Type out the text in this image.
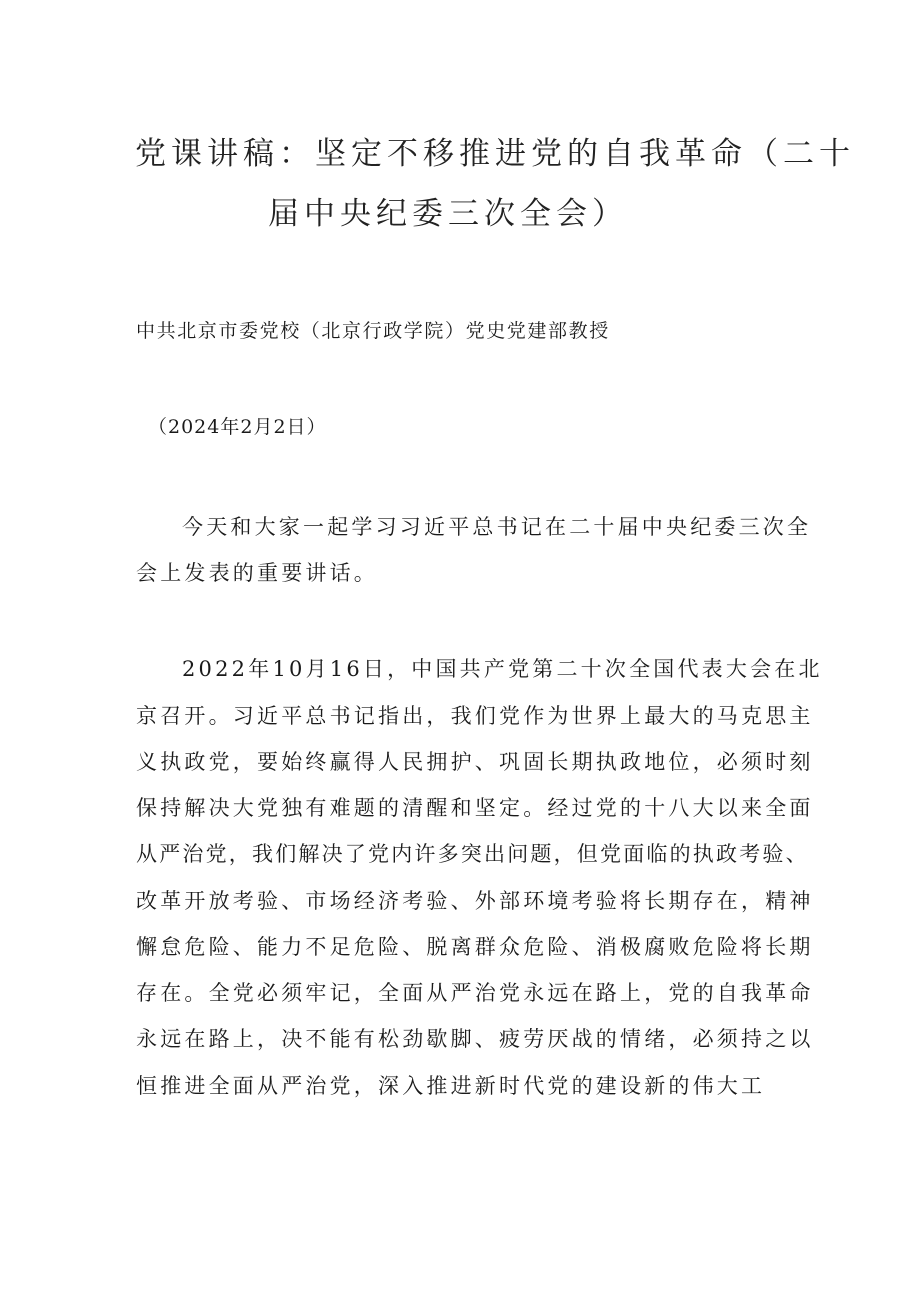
党课讲稿：坚定不移推进党的自我革命（二十
届中央纪委三次全会）
中共北京市委党校（北京行政学院）党史党建部教授
（2024年2月2日）
今天和大家一起学习习近平总书记在二十届中央纪委三次全
会上发表的重要讲话。
2022年10月16日，中国共产党第二十次全国代表大会在北
京召开。习近平总书记指出，我们党作为世界上最大的马克思主
义执政党，要始终赢得人民拥护、巩固长期执政地位，必须时刻
保持解决大党独有难题的清醒和坚定。经过党的十八大以来全面
从严治党，我们解决了党内许多突出问题，但党面临的执政考验、
改革开放考验、市场经济考验、外部环境考验将长期存在，精神
懈怠危险、能力不足危险、脱离群众危险、消极腐败危险将长期
存在。全党必须牢记，全面从严治党永远在路上，党的自我革命
永远在路上，决不能有松劲歇脚、疲劳厌战的情绪，必须持之以
恒推进全面从严治党，深入推进新时代党的建设新的伟大工
